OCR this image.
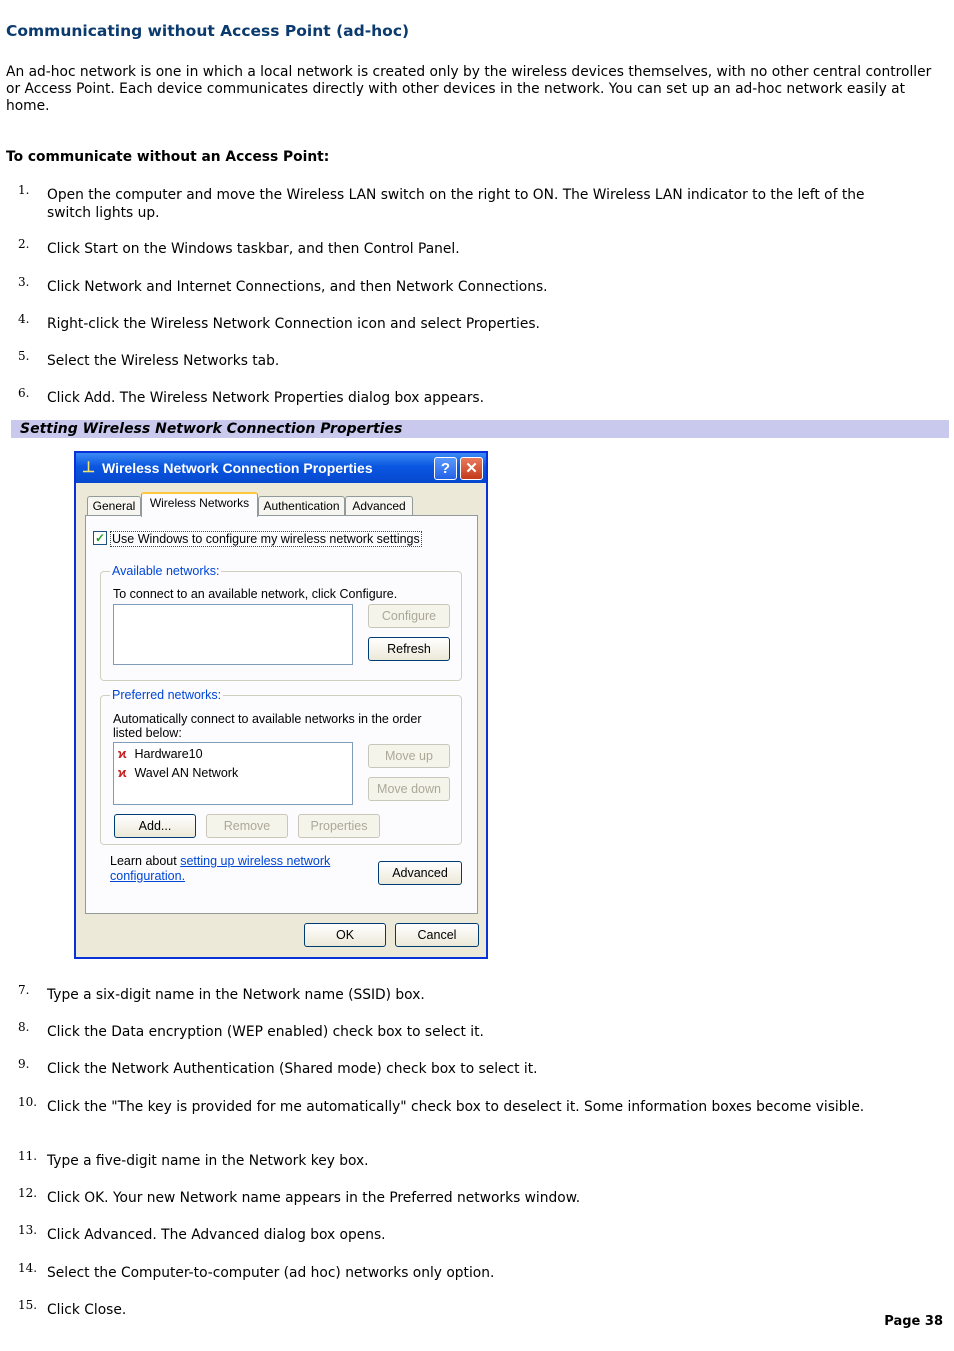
Communicating without Access Point (ad-hoc)

An ad-hoc network is one in which a local network is created only by the wireless devices themselves, with no other central controller or Access Point. Each device communicates directly with other devices in the network. You can set up an ad-hoc network easily at home.

To communicate without an Access Point:

1.	Open the computer and move the Wireless LAN switch on the right to ON. The Wireless LAN indicator to the left of the switch lights up.
2.	Click Start on the Windows taskbar, and then Control Panel.
3.	Click Network and Internet Connections, and then Network Connections.
4.	Right-click the Wireless Network Connection icon and select Properties.
5.	Select the Wireless Networks tab.
6.	Click Add. The Wireless Network Properties dialog box appears.
Setting Wireless Network Connection Properties
⊥ Wireless Network Connection Properties	?	✕
General	Wireless Networks	Authentication	Advanced
✓ Use Windows to configure my wireless network settings
Available networks:
To connect to an available network, click Configure.
Configure
Refresh
Preferred networks:
Automatically connect to available networks in the order listed below:
ϰ Hardware10
ϰ Wavel AN Network
Move up
Move down
Add...	Remove	Properties
Learn about setting up wireless network
configuration.	Advanced
OK	Cancel
7.	Type a six-digit name in the Network name (SSID) box.
8.	Click the Data encryption (WEP enabled) check box to select it.
9.	Click the Network Authentication (Shared mode) check box to select it.
10. Click the "The key is provided for me automatically" check box to deselect it. Some information boxes become visible.
11. Type a five-digit name in the Network key box.
12. Click OK. Your new Network name appears in the Preferred networks window.
13. Click Advanced. The Advanced dialog box opens.
14. Select the Computer-to-computer (ad hoc) networks only option.
15. Click Close.
Page 38
